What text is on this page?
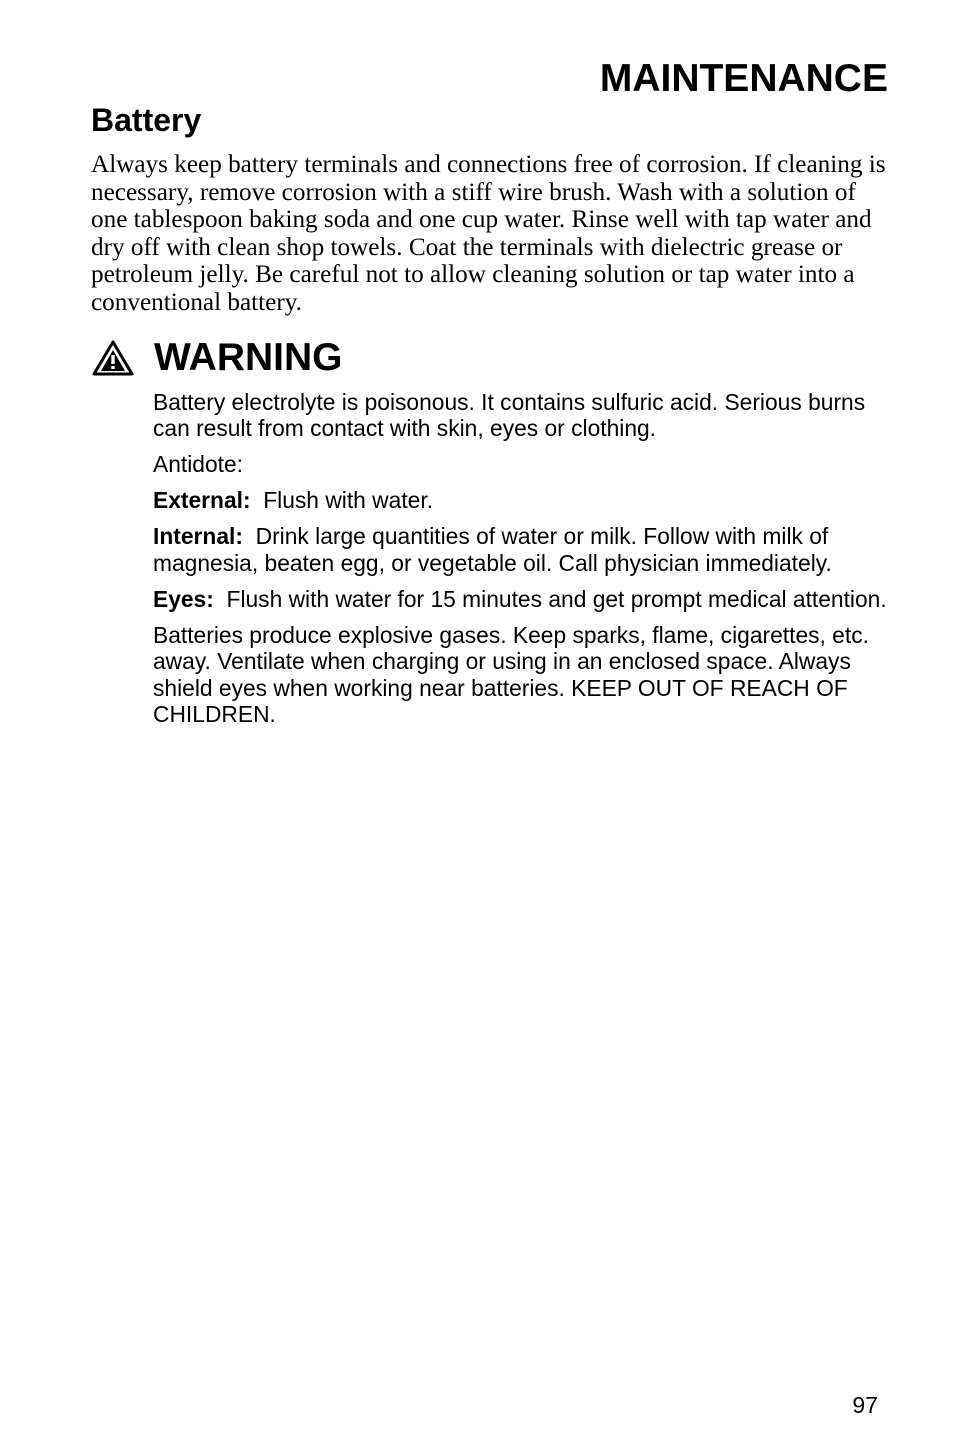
MAINTENANCE
Battery

Always keep battery terminals and connections free of corrosion. If cleaning is necessary, remove corrosion with a stiff wire brush. Wash with a solution of one tablespoon baking soda and one cup water. Rinse well with tap water and dry off with clean shop towels. Coat the terminals with dielectric grease or petroleum jelly. Be careful not to allow cleaning solution or tap water into a conventional battery.

WARNING

Battery electrolyte is poisonous. It contains sulfuric acid. Serious burns can result from contact with skin, eyes or clothing.

Antidote:

External: Flush with water.

Internal: Drink large quantities of water or milk. Follow with milk of magnesia, beaten egg, or vegetable oil. Call physician immediately.

Eyes: Flush with water for 15 minutes and get prompt medical attention.

Batteries produce explosive gases. Keep sparks, flame, cigarettes, etc. away. Ventilate when charging or using in an enclosed space. Always shield eyes when working near batteries. KEEP OUT OF REACH OF CHILDREN.

97
